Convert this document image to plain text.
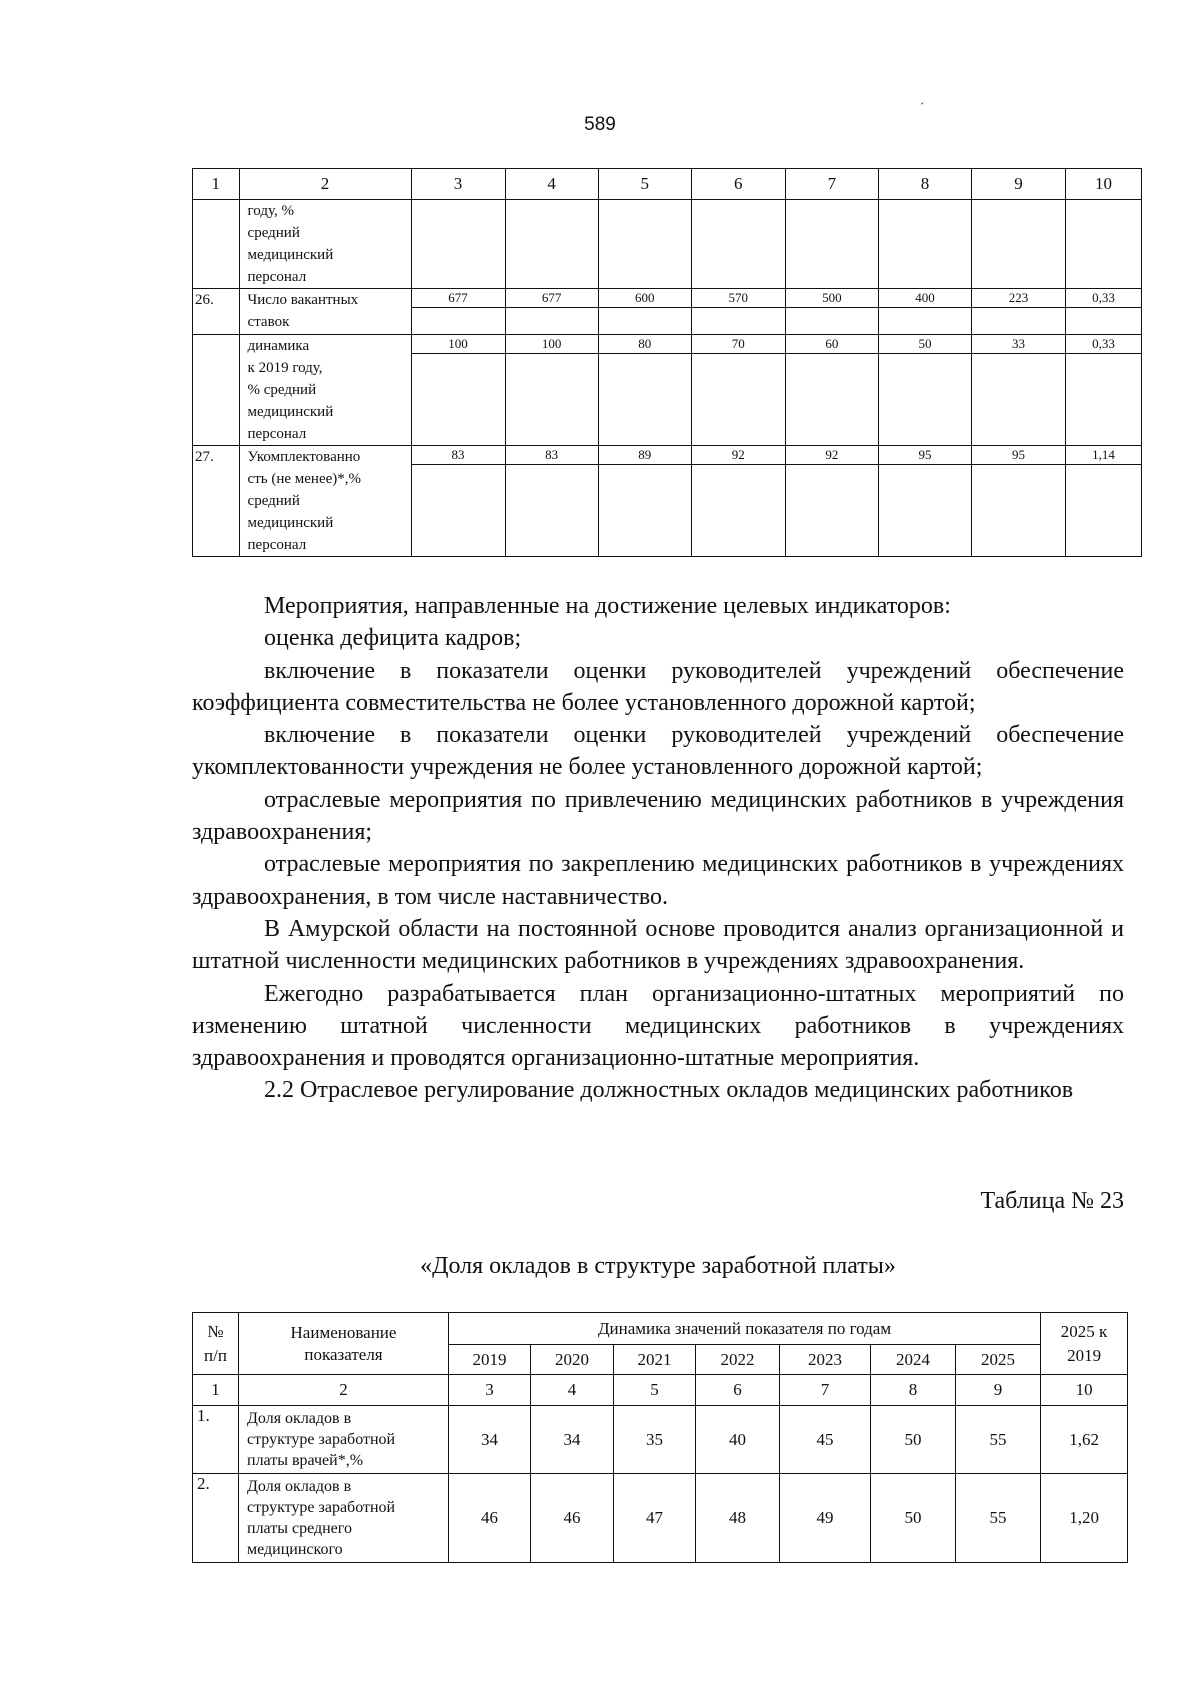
589
´
1	2	3	4	5	6	7	8	9	10
	году, %
средний
медицинский
персонал								
26.	Число вакантных
ставок	677	677	600	570	500	400	223	0,33
	динамика
к 2019 году,
% средний
медицинский
персонал	100	100	80	70	60	50	33	0,33
27.	Укомплектованно
сть (не менее)*,%
средний
медицинский
персонал	83	83	89	92	92	95	95	1,14

Мероприятия, направленные на достижение целевых индикаторов:

оценка дефицита кадров;

включение в показатели оценки руководителей учреждений обеспечение коэффициента совместительства не более установленного дорожной картой;

включение в показатели оценки руководителей учреждений обеспечение укомплектованности учреждения не более установленного дорожной картой;

отраслевые мероприятия по привлечению медицинских работников в учреждения здравоохранения;

отраслевые мероприятия по закреплению медицинских работников в учреждениях здравоохранения, в том числе наставничество.

В Амурской области на постоянной основе проводится анализ организационной и штатной численности медицинских работников в учреждениях здравоохранения.

Ежегодно разрабатывается план организационно-штатных мероприятий по изменению штатной численности медицинских работников в учреждениях здравоохранения и проводятся организационно-штатные мероприятия.

2.2 Отраслевое регулирование должностных окладов медицинских работников

Таблица № 23

«Доля окладов в структуре заработной платы»

№
п/п	Наименование
показателя	Динамика значений показателя по годам							2025 к
2019
		2019	2020	2021	2022	2023	2024	2025	
1	2	3	4	5	6	7	8	9	10
1.	Доля окладов в
структуре заработной
платы врачей*,%	34	34	35	40	45	50	55	1,62
2.	Доля окладов в
структуре заработной
платы среднего
медицинского	46	46	47	48	49	50	55	1,20
